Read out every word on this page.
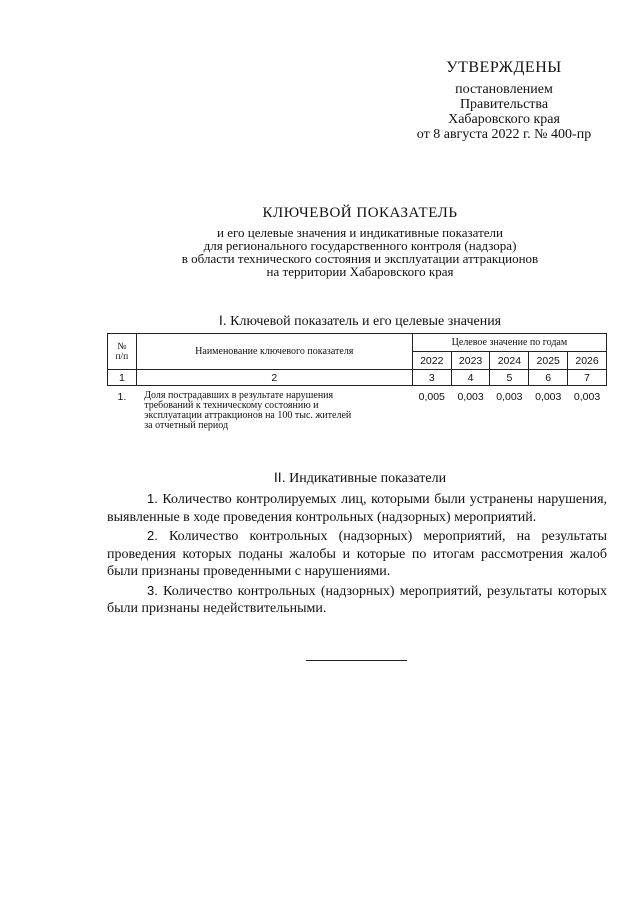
УТВЕРЖДЕНЫ
постановлением
Правительства
Хабаровского края
от 8 августа 2022 г. № 400-пр
КЛЮЧЕВОЙ ПОКАЗАТЕЛЬ
и его целевые значения и индикативные показатели
для регионального государственного контроля (надзора)
в области технического состояния и эксплуатации аттракционов
на территории Хабаровского края
I. Ключевой показатель и его целевые значения
№
п/п	Наименование ключевого показателя	Целевое значение по годам				
		2022	2023	2024	2025	2026
1	2	3	4	5	6	7
1.	Доля пострадавших в результате нарушения
требований к техническому состоянию и
эксплуатации аттракционов на 100 тыс. жителей
за отчетный период	0,005	0,003	0,003	0,003	0,003
II. Индикативные показатели

1. Количество контролируемых лиц, которыми были устранены нарушения, выявленные в ходе проведения контрольных (надзорных) мероприятий.

2. Количество контрольных (надзорных) мероприятий, на результаты проведения которых поданы жалобы и которые по итогам рассмотрения жалоб были признаны проведенными с нарушениями.

3. Количество контрольных (надзорных) мероприятий, результаты которых были признаны недействительными.
